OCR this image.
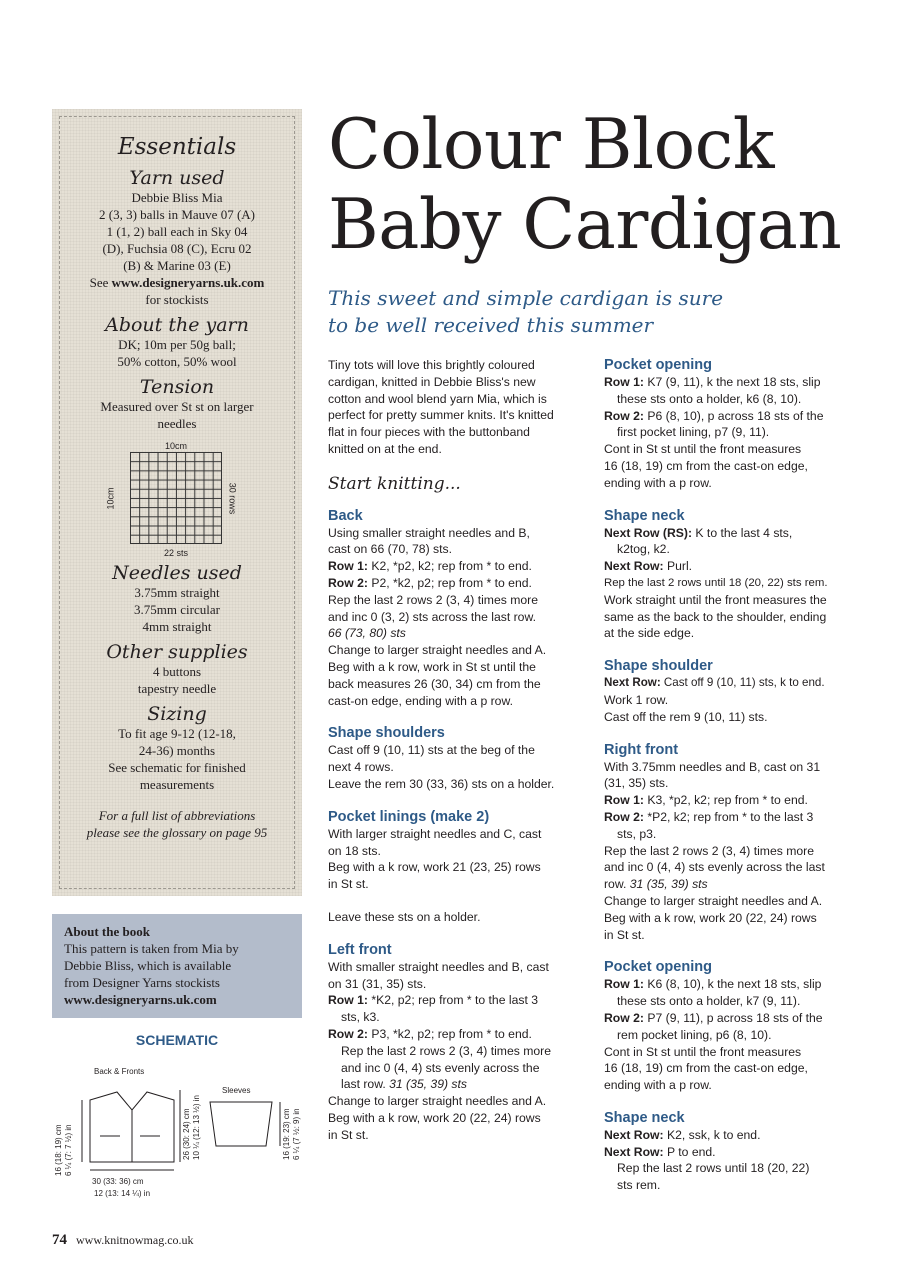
Essentials
Yarn used
Debbie Bliss Mia
2 (3, 3) balls in Mauve 07 (A)
1 (1, 2) ball each in Sky 04
(D), Fuchsia 08 (C), Ecru 02
(B) & Marine 03 (E)
See www.designeryarns.uk.com
for stockists
About the yarn
DK; 10m per 50g ball;
50% cotton, 50% wool
Tension
Measured over St st on larger
needles
10cm
10cm	30 rows
22 sts
Needles used
3.75mm straight
3.75mm circular
4mm straight
Other supplies
4 buttons
tapestry needle
Sizing
To fit age 9-12 (12-18,
24-36) months
See schematic for finished
measurements
For a full list of abbreviations
please see the glossary on page 95
About the book
This pattern is taken from Mia by
Debbie Bliss, which is available
from Designer Yarns stockists
www.designeryarns.uk.com
SCHEMATIC
Back & Fronts
Sleeves
16 (18: 19) cm 6 ¼ (7: 7 ½) in	26 (30: 24) cm 10 ¼ (12: 13 ½) in	16 (19: 23) cm 6 ¼ (7 ½: 9) in
30 (33: 36) cm
12 (13: 14 ¼) in
Colour Block
Baby Cardigan
This sweet and simple cardigan is sure
to be well received this summer
Tiny tots will love this brightly coloured
cardigan, knitted in Debbie Bliss's new
cotton and wool blend yarn Mia, which is
perfect for pretty summer knits. It's knitted
flat in four pieces with the buttonband
knitted on at the end.
Start knitting...
Back
Using smaller straight needles and B,
cast on 66 (70, 78) sts.
Row 1: K2, *p2, k2; rep from * to end.
Row 2: P2, *k2, p2; rep from * to end.
Rep the last 2 rows 2 (3, 4) times more
and inc 0 (3, 2) sts across the last row.
66 (73, 80) sts
Change to larger straight needles and A.
Beg with a k row, work in St st until the
back measures 26 (30, 34) cm from the
cast-on edge, ending with a p row.
Shape shoulders
Cast off 9 (10, 11) sts at the beg of the
next 4 rows.
Leave the rem 30 (33, 36) sts on a holder.
Pocket linings (make 2)
With larger straight needles and C, cast
on 18 sts.
Beg with a k row, work 21 (23, 25) rows
in St st.
Leave these sts on a holder.
Left front
With smaller straight needles and B, cast
on 31 (31, 35) sts.
Row 1: *K2, p2; rep from * to the last 3
sts, k3.
Row 2: P3, *k2, p2; rep from * to end.
Rep the last 2 rows 2 (3, 4) times more
and inc 0 (4, 4) sts evenly across the
last row. 31 (35, 39) sts
Change to larger straight needles and A.
Beg with a k row, work 20 (22, 24) rows
in St st.
Pocket opening
Row 1: K7 (9, 11), k the next 18 sts, slip
these sts onto a holder, k6 (8, 10).
Row 2: P6 (8, 10), p across 18 sts of the
first pocket lining, p7 (9, 11).
Cont in St st until the front measures
16 (18, 19) cm from the cast-on edge,
ending with a p row.
Shape neck
Next Row (RS): K to the last 4 sts,
k2tog, k2.
Next Row: Purl.
Rep the last 2 rows until 18 (20, 22) sts rem.
Work straight until the front measures the
same as the back to the shoulder, ending
at the side edge.
Shape shoulder
Next Row: Cast off 9 (10, 11) sts, k to end.
Work 1 row.
Cast off the rem 9 (10, 11) sts.
Right front
With 3.75mm needles and B, cast on 31
(31, 35) sts.
Row 1: K3, *p2, k2; rep from * to end.
Row 2: *P2, k2; rep from * to the last 3
sts, p3.
Rep the last 2 rows 2 (3, 4) times more
and inc 0 (4, 4) sts evenly across the last
row. 31 (35, 39) sts
Change to larger straight needles and A.
Beg with a k row, work 20 (22, 24) rows
in St st.
Pocket opening
Row 1: K6 (8, 10), k the next 18 sts, slip
these sts onto a holder, k7 (9, 11).
Row 2: P7 (9, 11), p across 18 sts of the
rem pocket lining, p6 (8, 10).
Cont in St st until the front measures
16 (18, 19) cm from the cast-on edge,
ending with a p row.
Shape neck
Next Row: K2, ssk, k to end.
Next Row: P to end.
Rep the last 2 rows until 18 (20, 22)
sts rem.
74 www.knitnowmag.co.uk
